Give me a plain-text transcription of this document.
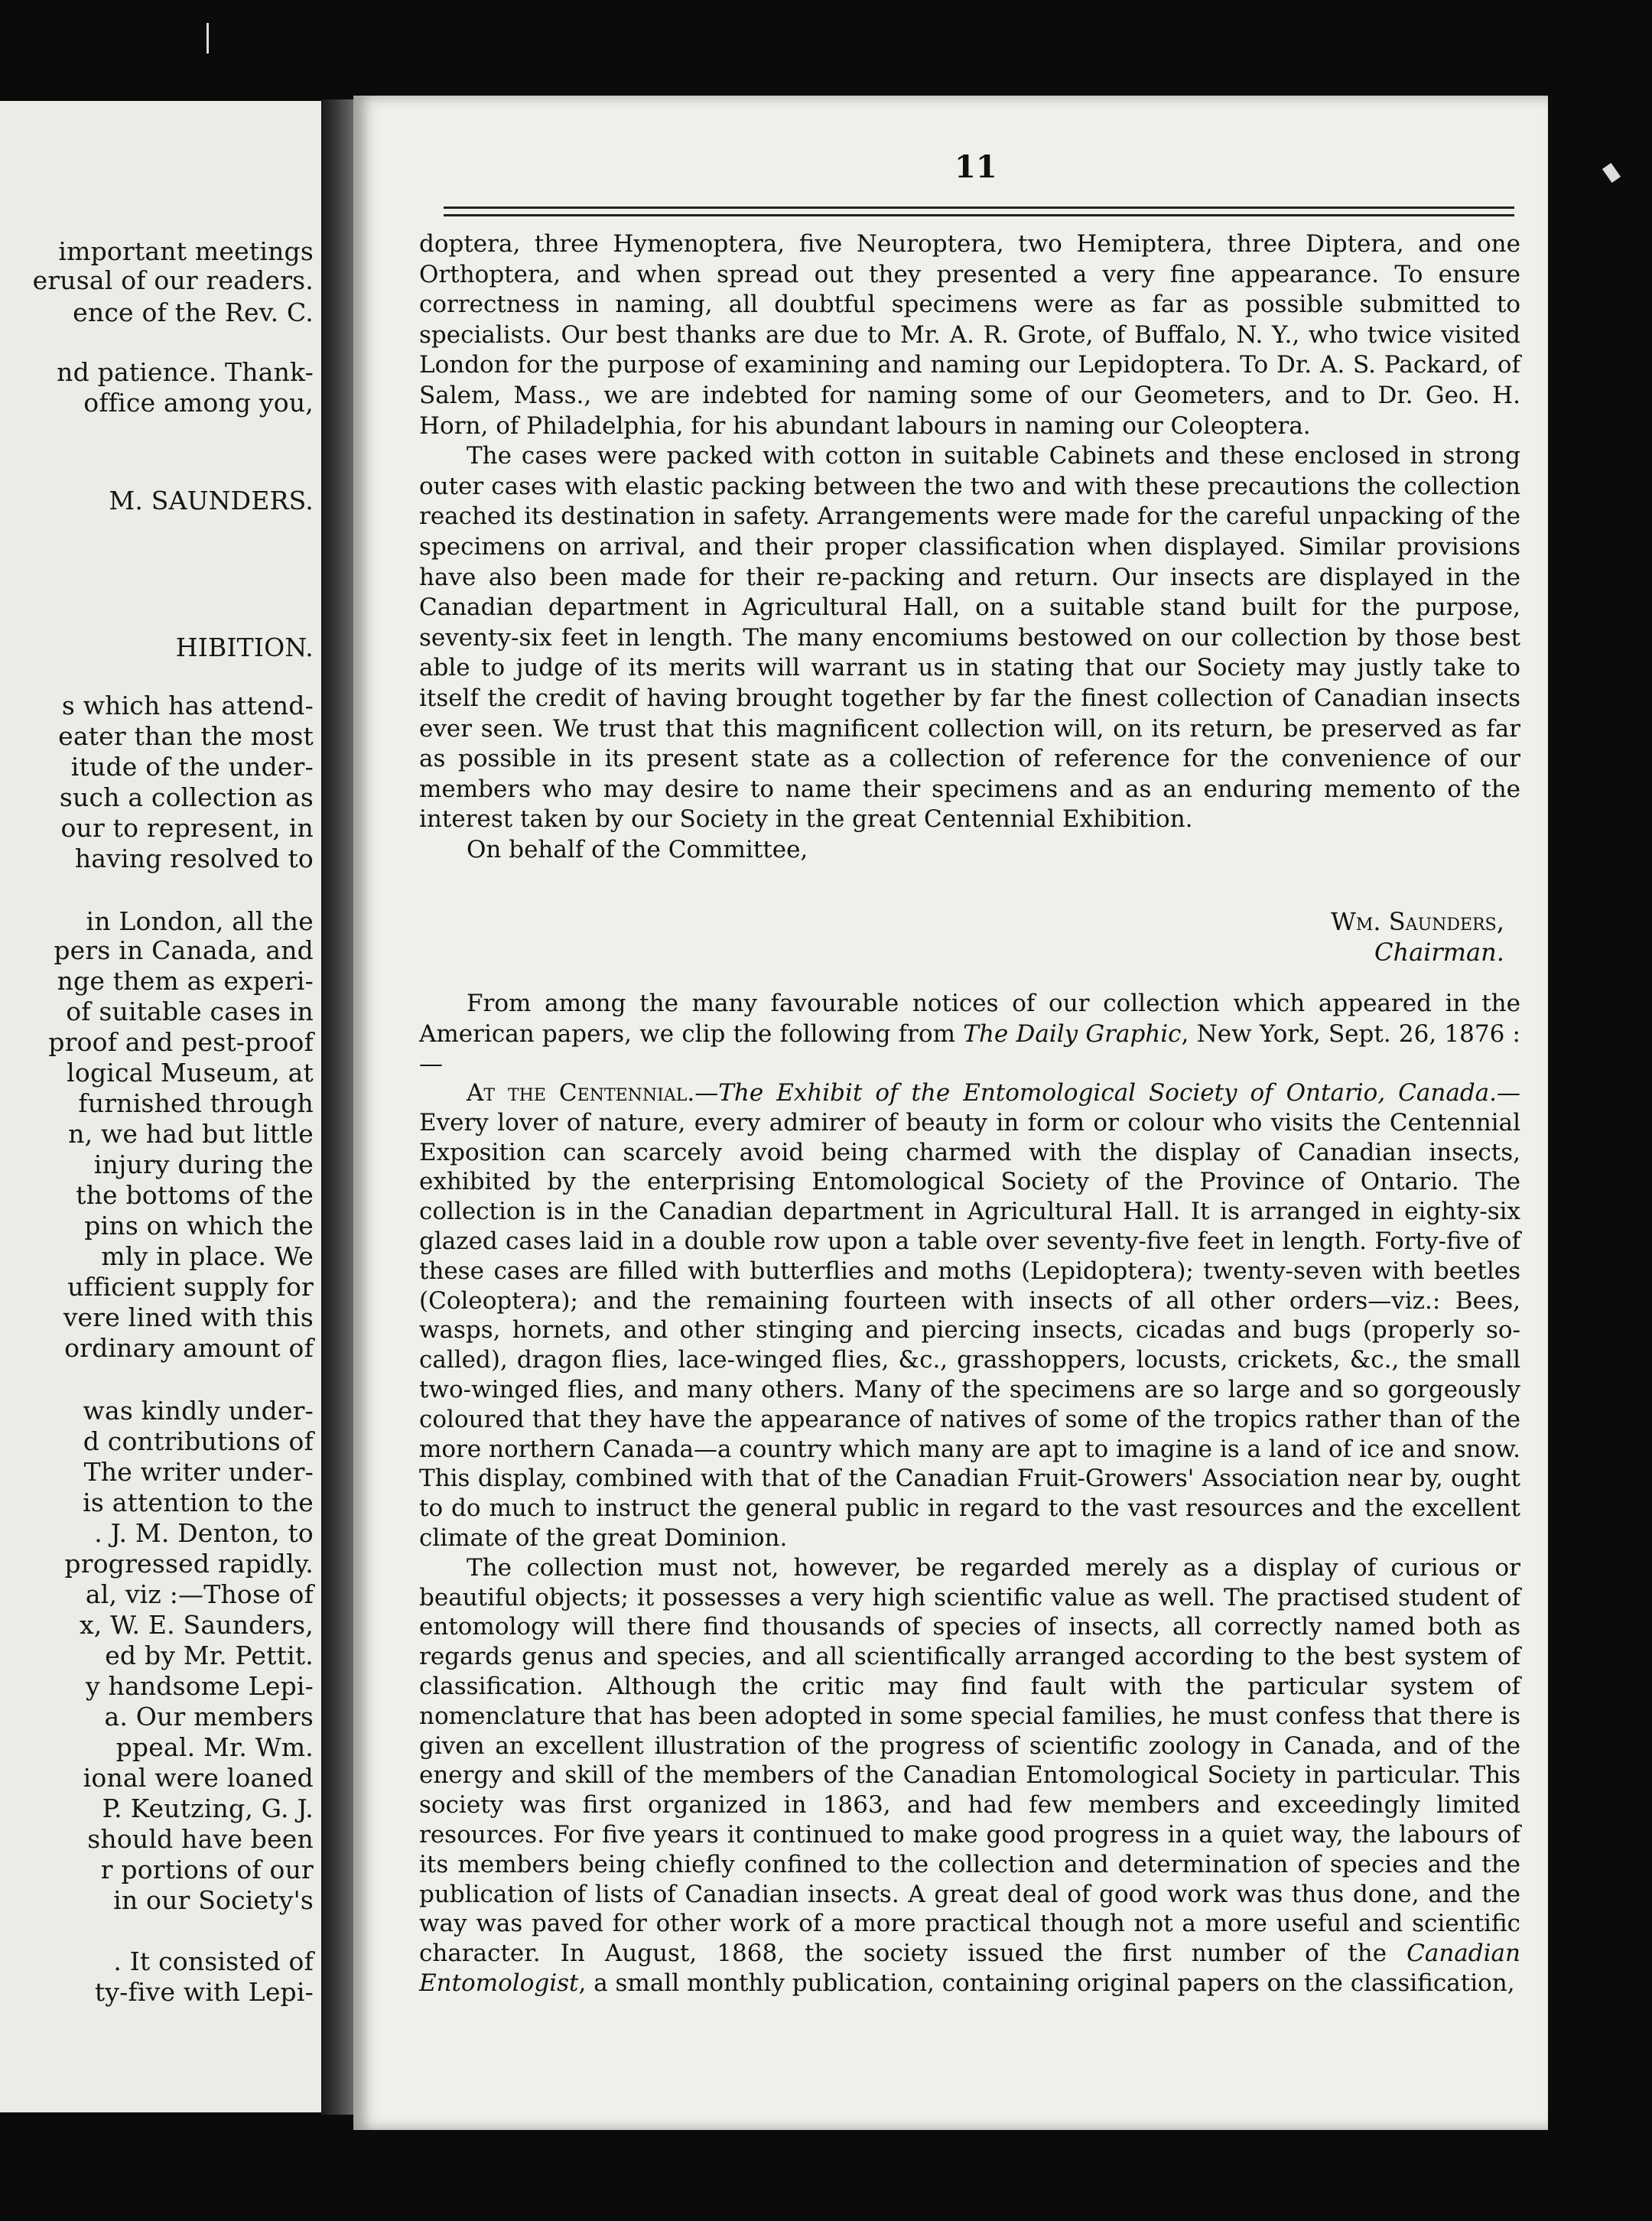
important meetings
erusal of our readers.
ence of the Rev. C.
nd patience. Thank-
office among you,
M. SAUNDERS.
HIBITION.
s which has attend-
eater than the most
itude of the under-
such a collection as
our to represent, in
having resolved to
in London, all the
pers in Canada, and
nge them as experi-
of suitable cases in
proof and pest-proof
logical Museum, at
furnished through
n, we had but little
injury during the
the bottoms of the
pins on which the
mly in place. We
ufficient supply for
vere lined with this
ordinary amount of
was kindly under-
d contributions of
The writer under-
is attention to the
. J. M. Denton, to
progressed rapidly.
al, viz :—Those of
x, W. E. Saunders,
ed by Mr. Pettit.
y handsome Lepi-
a. Our members
ppeal. Mr. Wm.
ional were loaned
P. Keutzing, G. J.
should have been
r portions of our
in our Society's
. It consisted of
ty-five with Lepi-
11

doptera, three Hymenoptera, five Neuroptera, two Hemiptera, three Diptera, and one Orthoptera, and when spread out they presented a very fine appearance. To ensure correctness in naming, all doubtful specimens were as far as possible submitted to specialists. Our best thanks are due to Mr. A. R. Grote, of Buffalo, N. Y., who twice visited London for the purpose of examining and naming our Lepidoptera. To Dr. A. S. Packard, of Salem, Mass., we are indebted for naming some of our Geometers, and to Dr. Geo. H. Horn, of Philadelphia, for his abundant labours in naming our Coleoptera.

The cases were packed with cotton in suitable Cabinets and these enclosed in strong outer cases with elastic packing between the two and with these precautions the collection reached its destination in safety. Arrangements were made for the careful unpacking of the specimens on arrival, and their proper classification when displayed. Similar provisions have also been made for their re-packing and return. Our insects are displayed in the Canadian department in Agricultural Hall, on a suitable stand built for the purpose, seventy-six feet in length. The many encomiums bestowed on our collection by those best able to judge of its merits will warrant us in stating that our Society may justly take to itself the credit of having brought together by far the finest collection of Canadian insects ever seen. We trust that this magnificent collection will, on its return, be preserved as far as possible in its present state as a collection of reference for the convenience of our members who may desire to name their specimens and as an enduring memento of the interest taken by our Society in the great Centennial Exhibition.

On behalf of the Committee,

Wm. Saunders,
Chairman.
From among the many favourable notices of our collection which appeared in the American papers, we clip the following from The Daily Graphic, New York, Sept. 26, 1876 :—

At the Centennial.—The Exhibit of the Entomological Society of Ontario, Canada.— Every lover of nature, every admirer of beauty in form or colour who visits the Centennial Exposition can scarcely avoid being charmed with the display of Canadian insects, exhibited by the enterprising Entomological Society of the Province of Ontario. The collection is in the Canadian department in Agricultural Hall. It is arranged in eighty-six glazed cases laid in a double row upon a table over seventy-five feet in length. Forty-five of these cases are filled with butterflies and moths (Lepidoptera); twenty-seven with beetles (Coleoptera); and the remaining fourteen with insects of all other orders—viz.: Bees, wasps, hornets, and other stinging and piercing insects, cicadas and bugs (properly so-called), dragon flies, lace-winged flies, &c., grasshoppers, locusts, crickets, &c., the small two-winged flies, and many others. Many of the specimens are so large and so gorgeously coloured that they have the appearance of natives of some of the tropics rather than of the more northern Canada—a country which many are apt to imagine is a land of ice and snow. This display, combined with that of the Canadian Fruit-Growers' Association near by, ought to do much to instruct the general public in regard to the vast resources and the excellent climate of the great Dominion.

The collection must not, however, be regarded merely as a display of curious or beautiful objects; it possesses a very high scientific value as well. The practised student of entomology will there find thousands of species of insects, all correctly named both as regards genus and species, and all scientifically arranged according to the best system of classification. Although the critic may find fault with the particular system of nomenclature that has been adopted in some special families, he must confess that there is given an excellent illustration of the progress of scientific zoology in Canada, and of the energy and skill of the members of the Canadian Entomological Society in particular. This society was first organized in 1863, and had few members and exceedingly limited resources. For five years it continued to make good progress in a quiet way, the labours of its members being chiefly confined to the collection and determination of species and the publication of lists of Canadian insects. A great deal of good work was thus done, and the way was paved for other work of a more practical though not a more useful and scientific character. In August, 1868, the society issued the first number of the Canadian Entomologist, a small monthly publication, containing original papers on the classification,
